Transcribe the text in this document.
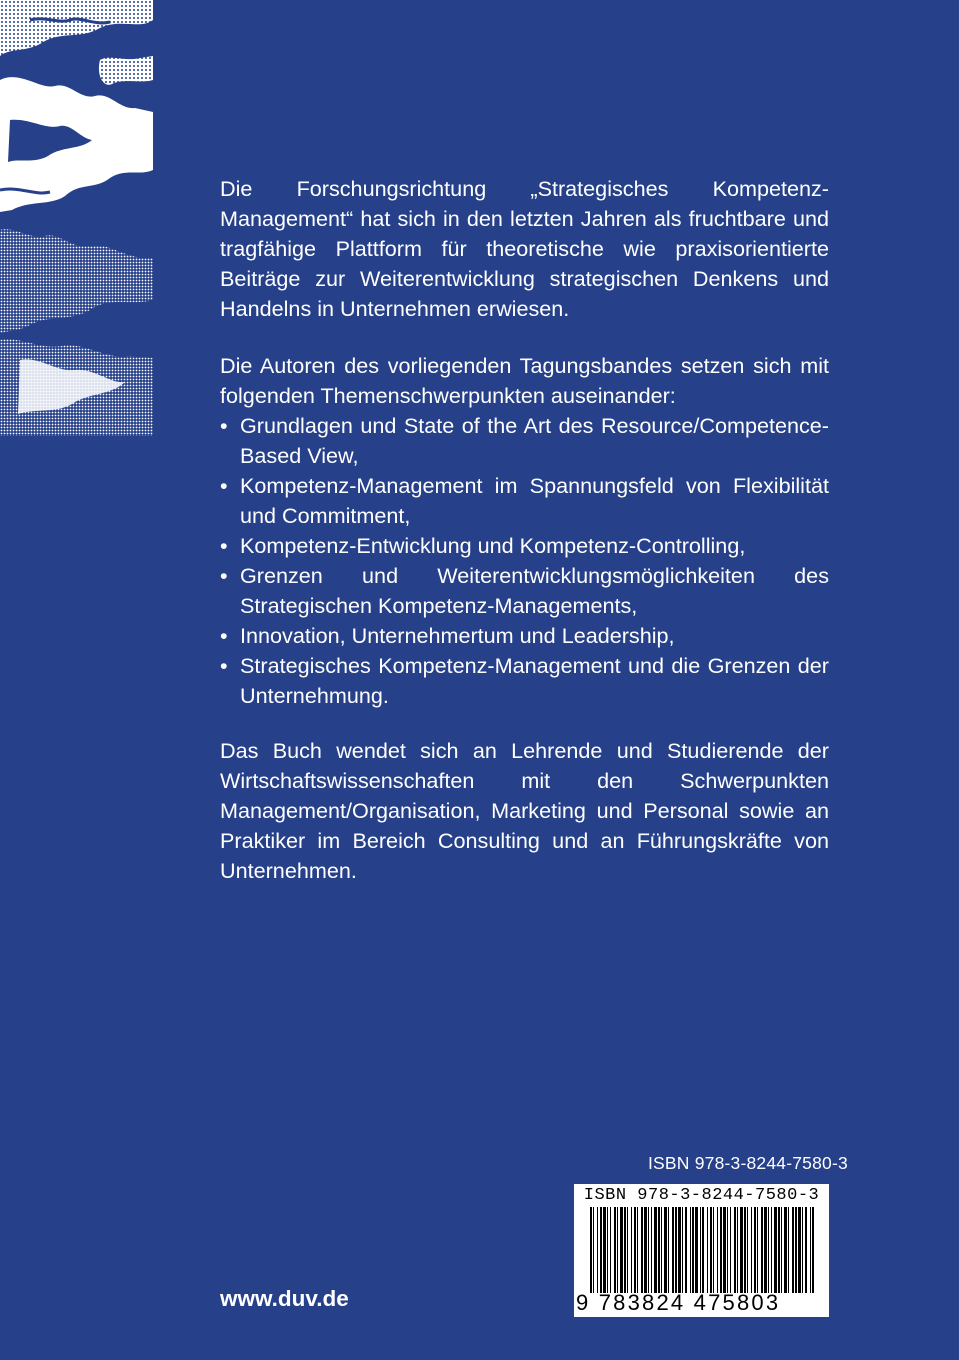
Die Forschungsrichtung „Strategisches Kompetenz-Management“ hat sich in den letzten Jahren als fruchtbare und tragfähige Plattform für theoretische wie praxisorientierte Beiträge zur Weiterentwicklung strategischen Denkens und Handelns in Unternehmen erwiesen.
Die Autoren des vorliegenden Tagungsbandes setzen sich mit folgenden Themenschwerpunkten auseinander:
• Grundlagen und State of the Art des Resource/Competence-Based View,
• Kompetenz-Management im Spannungsfeld von Flexibilität und Commitment,
• Kompetenz-Entwicklung und Kompetenz-Controlling,
• Grenzen und Weiterentwicklungsmöglichkeiten des Strategischen Kompetenz-Managements,
• Innovation, Unternehmertum und Leadership,
• Strategisches Kompetenz-Management und die Grenzen der Unternehmung.
Das Buch wendet sich an Lehrende und Studierende der Wirtschaftswissenschaften mit den Schwerpunkten Management/Organisation, Marketing und Personal sowie an Praktiker im Bereich Consulting und an Führungskräfte von Unternehmen.
ISBN 978-3-8244-7580-3
ISBN 978-3-8244-7580-3
9 783824 475803
www.duv.de
